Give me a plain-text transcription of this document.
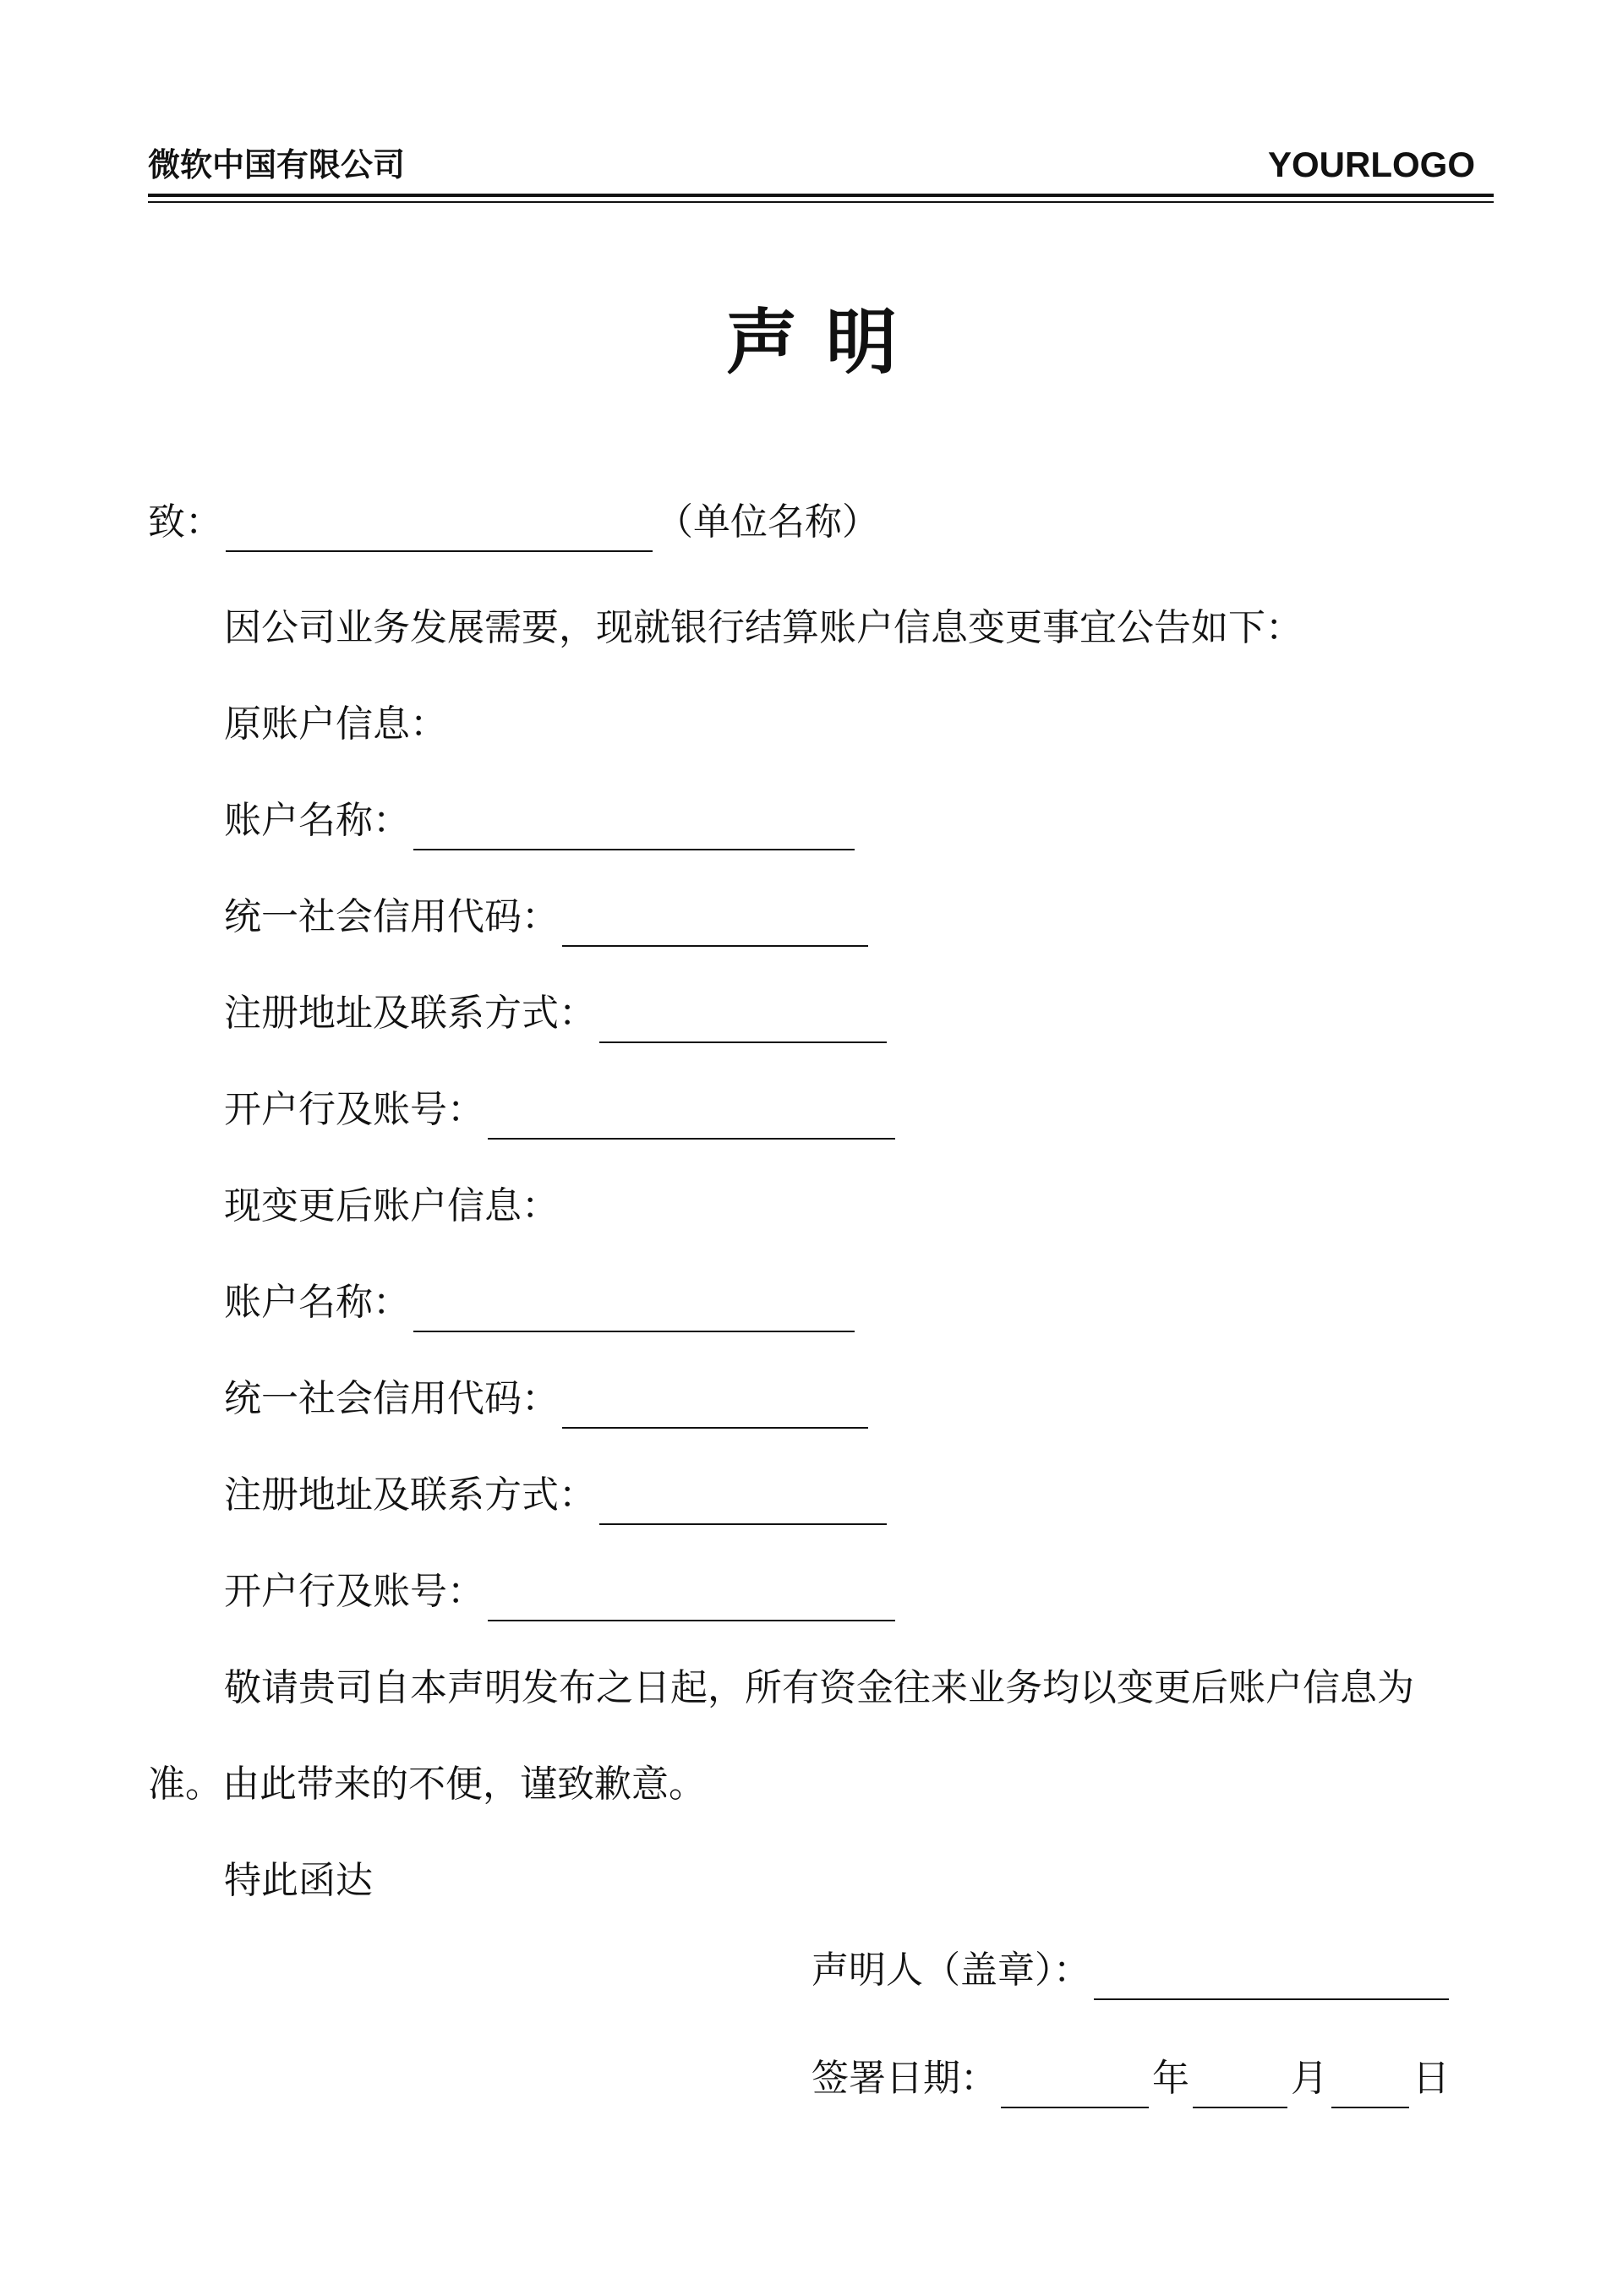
微软中国有限公司	YOURLOGO

声明

致：	（单位名称）

因公司业务发展需要，现就银行结算账户信息变更事宜公告如下：

原账户信息：

账户名称：

统一社会信用代码：

注册地址及联系方式：

开户行及账号：

现变更后账户信息：

账户名称：

统一社会信用代码：

注册地址及联系方式：

开户行及账号：

敬请贵司自本声明发布之日起，所有资金往来业务均以变更后账户信息为

准。由此带来的不便，谨致歉意。

特此函达

声明人（盖章）：

签署日期：	年	月 日
